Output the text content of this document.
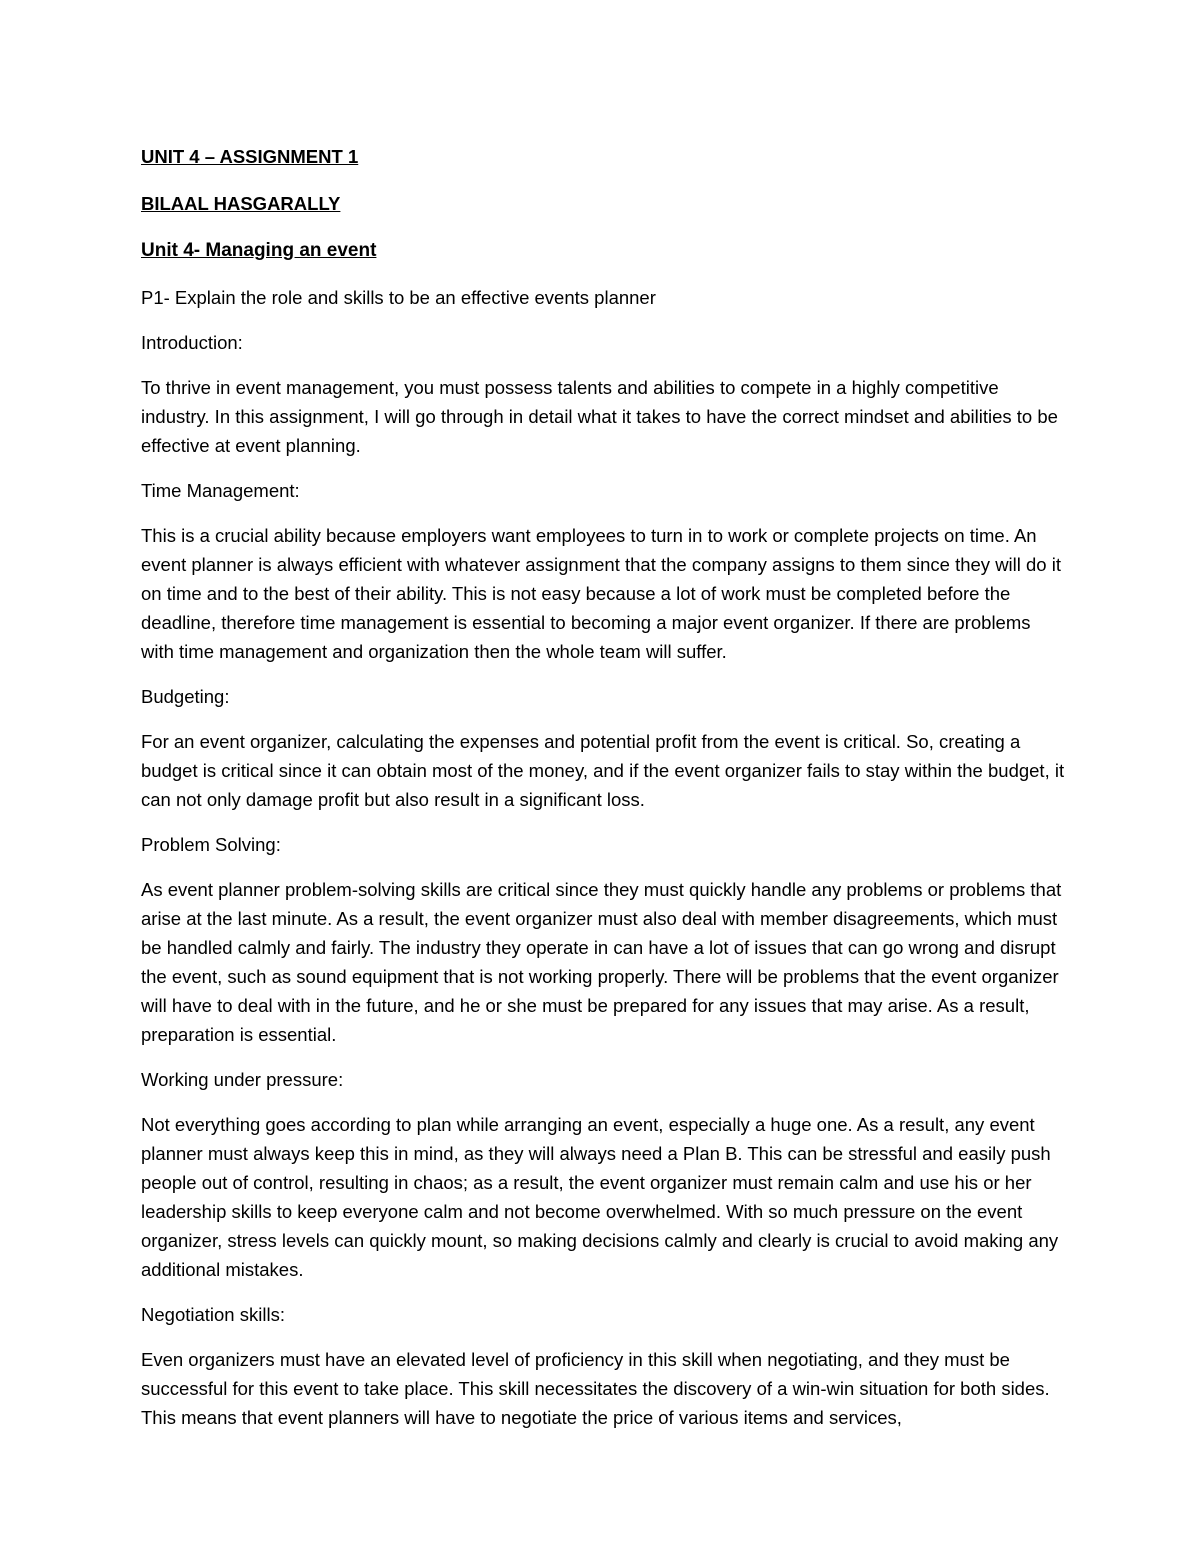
UNIT 4 – ASSIGNMENT 1
BILAAL HASGARALLY
Unit 4- Managing an event
P1- Explain the role and skills to be an effective events planner
Introduction:
To thrive in event management, you must possess talents and abilities to compete in a highly competitive industry. In this assignment, I will go through in detail what it takes to have the correct mindset and abilities to be effective at event planning.
Time Management:
This is a crucial ability because employers want employees to turn in to work or complete projects on time. An event planner is always efficient with whatever assignment that the company assigns to them since they will do it on time and to the best of their ability. This is not easy because a lot of work must be completed before the deadline, therefore time management is essential to becoming a major event organizer. If there are problems with time management and organization then the whole team will suffer.
Budgeting:
For an event organizer, calculating the expenses and potential profit from the event is critical. So, creating a budget is critical since it can obtain most of the money, and if the event organizer fails to stay within the budget, it can not only damage profit but also result in a significant loss.
Problem Solving:
As event planner problem-solving skills are critical since they must quickly handle any problems or problems that arise at the last minute. As a result, the event organizer must also deal with member disagreements, which must be handled calmly and fairly. The industry they operate in can have a lot of issues that can go wrong and disrupt the event, such as sound equipment that is not working properly. There will be problems that the event organizer will have to deal with in the future, and he or she must be prepared for any issues that may arise. As a result, preparation is essential.
Working under pressure:
Not everything goes according to plan while arranging an event, especially a huge one. As a result, any event planner must always keep this in mind, as they will always need a Plan B. This can be stressful and easily push people out of control, resulting in chaos; as a result, the event organizer must remain calm and use his or her leadership skills to keep everyone calm and not become overwhelmed. With so much pressure on the event organizer, stress levels can quickly mount, so making decisions calmly and clearly is crucial to avoid making any additional mistakes.
Negotiation skills:
Even organizers must have an elevated level of proficiency in this skill when negotiating, and they must be successful for this event to take place. This skill necessitates the discovery of a win-win situation for both sides. This means that event planners will have to negotiate the price of various items and services,
